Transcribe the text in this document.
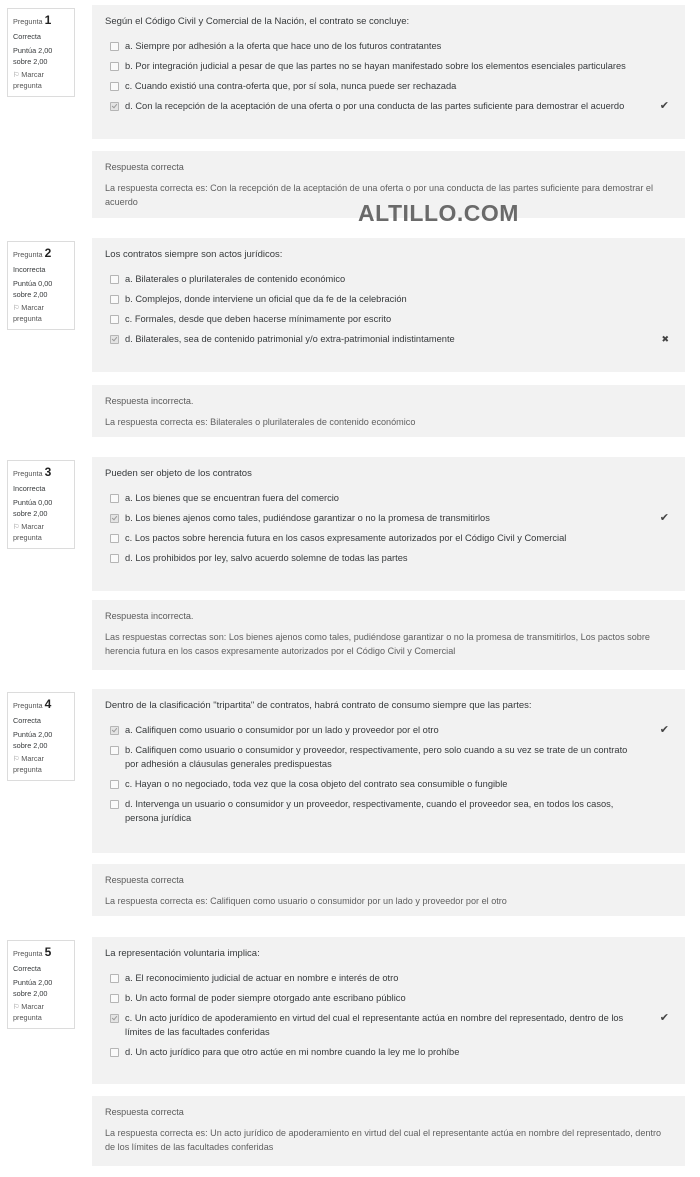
Pregunta 1
Correcta
Puntúa 2,00 sobre 2,00
⚐ Marcar pregunta
Según el Código Civil y Comercial de la Nación, el contrato se concluye:
a. Siempre por adhesión a la oferta que hace uno de los futuros contratantes
b. Por integración judicial a pesar de que las partes no se hayan manifestado sobre los elementos esenciales particulares
c. Cuando existió una contra-oferta que, por sí sola, nunca puede ser rechazada
d. Con la recepción de la aceptación de una oferta o por una conducta de las partes suficiente para demostrar el acuerdo	✔
Respuesta correcta
La respuesta correcta es: Con la recepción de la aceptación de una oferta o por una conducta de las partes suficiente para demostrar el acuerdo	ALTILLO.COM
Pregunta 2
Incorrecta
Puntúa 0,00 sobre 2,00
⚐ Marcar pregunta
Los contratos siempre son actos jurídicos:
a. Bilaterales o plurilaterales de contenido económico
b. Complejos, donde interviene un oficial que da fe de la celebración
c. Formales, desde que deben hacerse mínimamente por escrito
d. Bilaterales, sea de contenido patrimonial y/o extra-patrimonial indistintamente	✖
Respuesta incorrecta.
La respuesta correcta es: Bilaterales o plurilaterales de contenido económico
Pregunta 3
Incorrecta
Puntúa 0,00 sobre 2,00
⚐ Marcar pregunta
Pueden ser objeto de los contratos
a. Los bienes que se encuentran fuera del comercio
b. Los bienes ajenos como tales, pudiéndose garantizar o no la promesa de transmitirlos	✔
c. Los pactos sobre herencia futura en los casos expresamente autorizados por el Código Civil y Comercial
d. Los prohibidos por ley, salvo acuerdo solemne de todas las partes
Respuesta incorrecta.
Las respuestas correctas son: Los bienes ajenos como tales, pudiéndose garantizar o no la promesa de transmitirlos, Los pactos sobre herencia futura en los casos expresamente autorizados por el Código Civil y Comercial
Pregunta 4
Correcta
Puntúa 2,00 sobre 2,00
⚐ Marcar pregunta
Dentro de la clasificación "tripartita" de contratos, habrá contrato de consumo siempre que las partes:
a. Califiquen como usuario o consumidor por un lado y proveedor por el otro	✔
b. Califiquen como usuario o consumidor y proveedor, respectivamente, pero solo cuando a su vez se trate de un contrato por adhesión a cláusulas generales predispuestas
c. Hayan o no negociado, toda vez que la cosa objeto del contrato sea consumible o fungible
d. Intervenga un usuario o consumidor y un proveedor, respectivamente, cuando el proveedor sea, en todos los casos, persona jurídica
Respuesta correcta
La respuesta correcta es: Califiquen como usuario o consumidor por un lado y proveedor por el otro
Pregunta 5
Correcta
Puntúa 2,00 sobre 2,00
⚐ Marcar pregunta
La representación voluntaria implica:
a. El reconocimiento judicial de actuar en nombre e interés de otro
b. Un acto formal de poder siempre otorgado ante escribano público
c. Un acto jurídico de apoderamiento en virtud del cual el representante actúa en nombre del representado, dentro de los límites de las facultades conferidas
✔
d. Un acto jurídico para que otro actúe en mi nombre cuando la ley me lo prohíbe
Respuesta correcta
La respuesta correcta es: Un acto jurídico de apoderamiento en virtud del cual el representante actúa en nombre del representado, dentro de los límites de las facultades conferidas
